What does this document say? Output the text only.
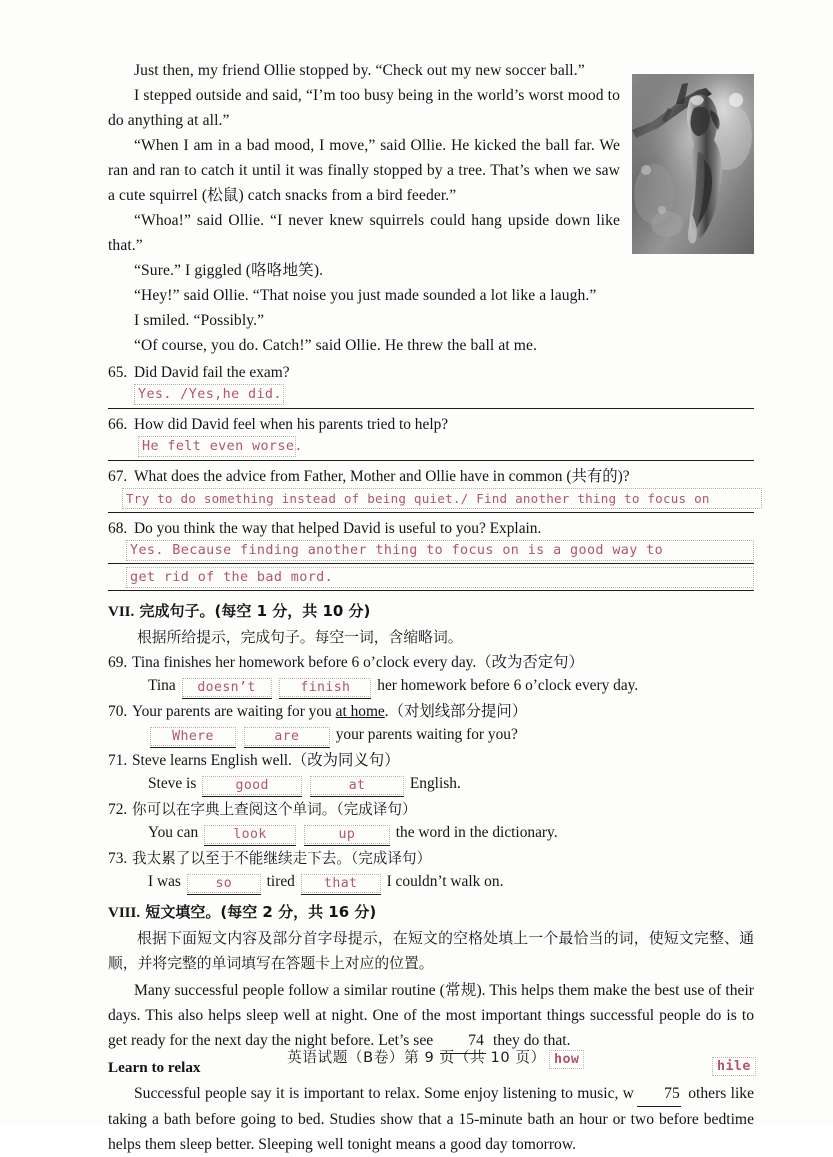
Just then, my friend Ollie stopped by. “Check out my new soccer ball.”
I stepped outside and said, “I’m too busy being in the world’s worst mood to do anything at all.”
“When I am in a bad mood, I move,” said Ollie. He kicked the ball far. We ran and ran to catch it until it was finally stopped by a tree. That’s when we saw a cute squirrel (松鼠) catch snacks from a bird feeder.”
“Whoa!” said Ollie. “I never knew squirrels could hang upside down like that.”
“Sure.” I giggled (咯咯地笑).
“Hey!” said Ollie. “That noise you just made sounded a lot like a laugh.”
I smiled. “Possibly.”
“Of course, you do. Catch!” said Ollie. He threw the ball at me.
65. Did David fail the exam?
Yes. /Yes,he did.
66. How did David feel when his parents tried to help?
He felt even worse.
67. What does the advice from Father, Mother and Ollie have in common (共有的)?
Try to do something instead of being quiet./ Find another thing to focus on
68. Do you think the way that helped David is useful to you? Explain.
Yes. Because finding another thing to focus on is a good way to
get rid of the bad mord.
VII. 完成句子。(每空 1 分，共 10 分)
根据所给提示，完成句子。每空一词，含缩略词。
69. Tina finishes her homework before 6 o’clock every day.（改为否定句）
Tina doesn’t
	finish her homework before 6 o’clock every day.
70. Your parents are waiting for you at home.（对划线部分提问）
Where
	are your parents waiting for you?
71. Steve learns English well.（改为同义句）
Steve is	good
	at	English.
72. 你可以在字典上查阅这个单词。（完成译句）
You can	look
	up	the word in the dictionary.
73. 我太累了以至于不能继续走下去。（完成译句）
I was	so tired that I couldn’t walk on.
VIII. 短文填空。(每空 2 分，共 16 分)
根据下面短文内容及部分首字母提示，在短文的空格处填上一个最恰当的词，使短文完整、通顺，并将完整的单词填写在答题卡上对应的位置。
Many successful people follow a similar routine (常规). This helps them make the best use of their days. This also helps sleep well at night. One of the most important things successful people do is to get ready for the next day the night before. Let’s see 74 they do that.
Learn to relax	how	hile
Successful people say it is important to relax. Some enjoy listening to music, w 75 others like taking a bath before going to bed. Studies show that a 15-minute bath an hour or two before bedtime helps them sleep better. Sleeping well tonight means a good day tomorrow.
英语试题（B卷）第 9 页（共 10 页）
